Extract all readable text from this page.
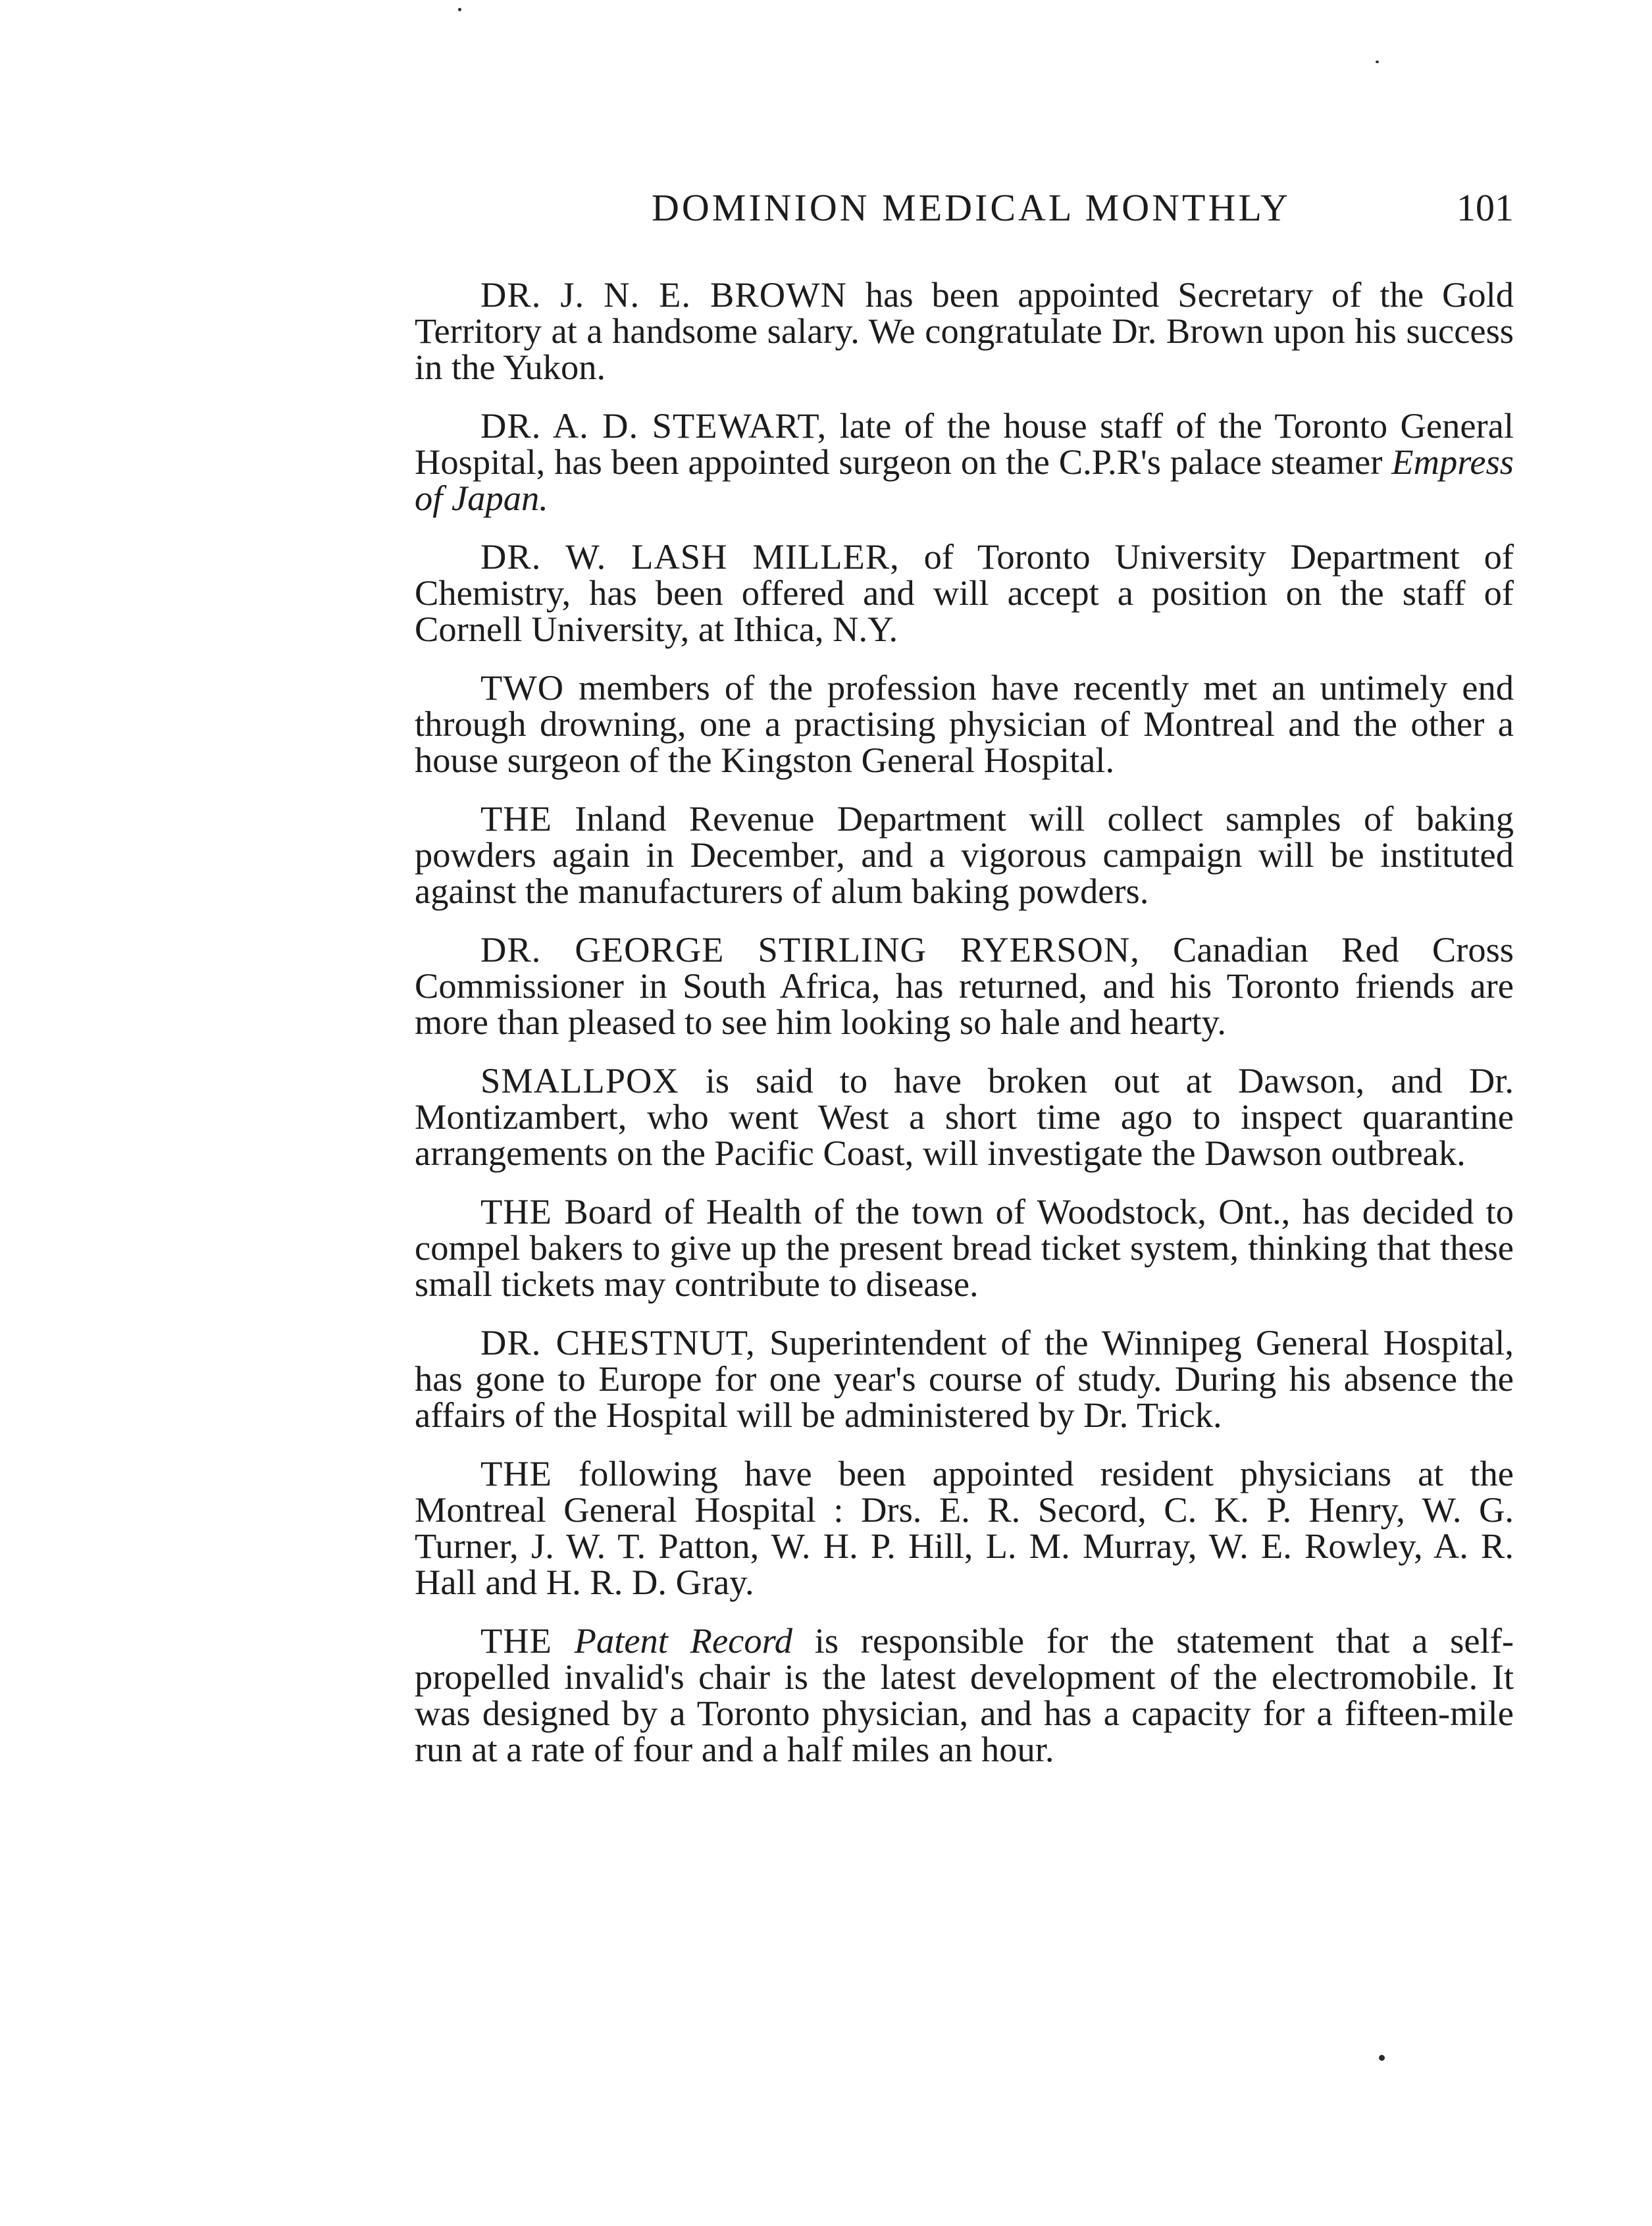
DOMINION MEDICAL MONTHLY	101

DR. J. N. E. BROWN has been appointed Secretary of the Gold Territory at a handsome salary. We congratulate Dr. Brown upon his success in the Yukon.

DR. A. D. STEWART, late of the house staff of the Toronto General Hospital, has been appointed surgeon on the C.P.R's palace steamer Empress of Japan.

DR. W. LASH MILLER, of Toronto University Department of Chemistry, has been offered and will accept a position on the staff of Cornell University, at Ithica, N.Y.

TWO members of the profession have recently met an untimely end through drowning, one a practising physician of Montreal and the other a house surgeon of the Kingston General Hospital.

THE Inland Revenue Department will collect samples of baking powders again in December, and a vigorous campaign will be instituted against the manufacturers of alum baking powders.

DR. GEORGE STIRLING RYERSON, Canadian Red Cross Commissioner in South Africa, has returned, and his Toronto friends are more than pleased to see him looking so hale and hearty.

SMALLPOX is said to have broken out at Dawson, and Dr. Montizambert, who went West a short time ago to inspect quarantine arrangements on the Pacific Coast, will investigate the Dawson outbreak.

THE Board of Health of the town of Woodstock, Ont., has decided to compel bakers to give up the present bread ticket system, thinking that these small tickets may contribute to disease.

DR. CHESTNUT, Superintendent of the Winnipeg General Hospital, has gone to Europe for one year's course of study. During his absence the affairs of the Hospital will be administered by Dr. Trick.

THE following have been appointed resident physicians at the Montreal General Hospital : Drs. E. R. Secord, C. K. P. Henry, W. G. Turner, J. W. T. Patton, W. H. P. Hill, L. M. Murray, W. E. Rowley, A. R. Hall and H. R. D. Gray.

THE Patent Record is responsible for the statement that a self-propelled invalid's chair is the latest development of the electromobile. It was designed by a Toronto physician, and has a capacity for a fifteen-mile run at a rate of four and a half miles an hour.
